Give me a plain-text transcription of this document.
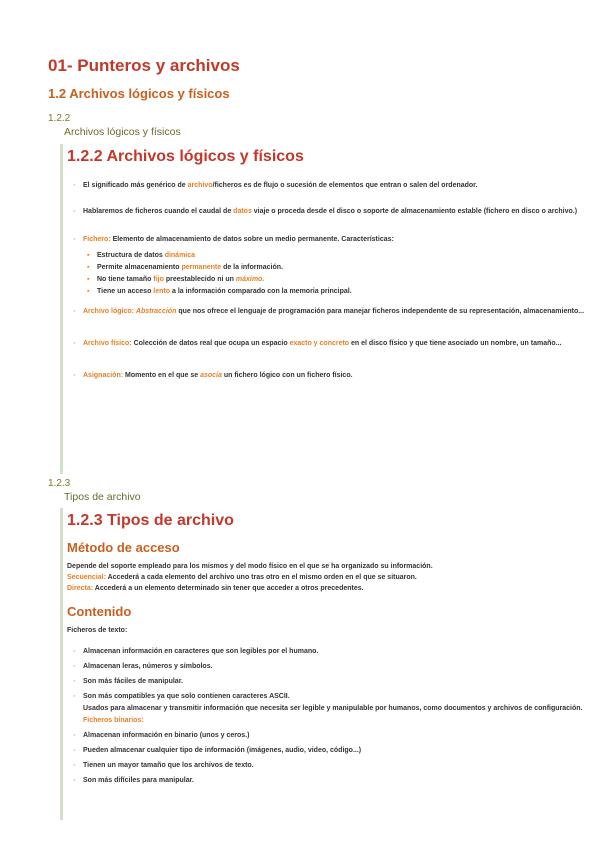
01- Punteros y archivos
1.2 Archivos lógicos y físicos

1.2.2

Archivos lógicos y físicos

1.2.2 Archivos lógicos y físicos
◦ El significado más genérico de archivo/ficheros es de flujo o sucesión de elementos que entran o salen del ordenador.
◦ Hablaremos de ficheros cuando el caudal de datos viaje o proceda desde el disco o soporte de almacenamiento estable (fichero en disco o archivo.)
◦ Fichero: Elemento de almacenamiento de datos sobre un medio permanente. Características:
▪ Estructura de datos dinámica
▪ Permite almacenamiento permanente de la información.
▪ No tiene tamaño fijo preestablecido ni un máximo.
▪ Tiene un acceso lento a la información comparado con la memoria principal.
◦ Archivo lógico: Abstracción que nos ofrece el lenguaje de programación para manejar ficheros independente de su representación, almacenamiento...
◦ Archivo físico: Colección de datos real que ocupa un espacio exacto y concreto en el disco físico y que tiene asociado un nombre, un tamaño...
◦ Asignación: Momento en el que se asocia un fichero lógico con un fichero físico.

1.2.3

Tipos de archivo

1.2.3 Tipos de archivo
Método de acceso

Depende del soporte empleado para los mismos y del modo físico en el que se ha organizado su información.

Secuencial: Accederá a cada elemento del archivo uno tras otro en el mismo orden en el que se situaron.

Directa: Accederá a un elemento determinado sin tener que acceder a otros precedentes.

Contenido

Ficheros de texto:

◦ Almacenan información en caracteres que son legibles por el humano.
◦ Almacenan leras, números y símbolos.
◦ Son más fáciles de manipular.
◦ Son más compatibles ya que solo contienen caracteres ASCII.
Usados para almacenar y transmitir información que necesita ser legible y manipulable por humanos, como documentos y archivos de configuración.
Ficheros binarios:
◦ Almacenan información en binario (unos y ceros.)
◦ Pueden almacenar cualquier tipo de información (imágenes, audio, video, código...)
◦ Tienen un mayor tamaño que los archivos de texto.
◦ Son más difíciles para manipular.
